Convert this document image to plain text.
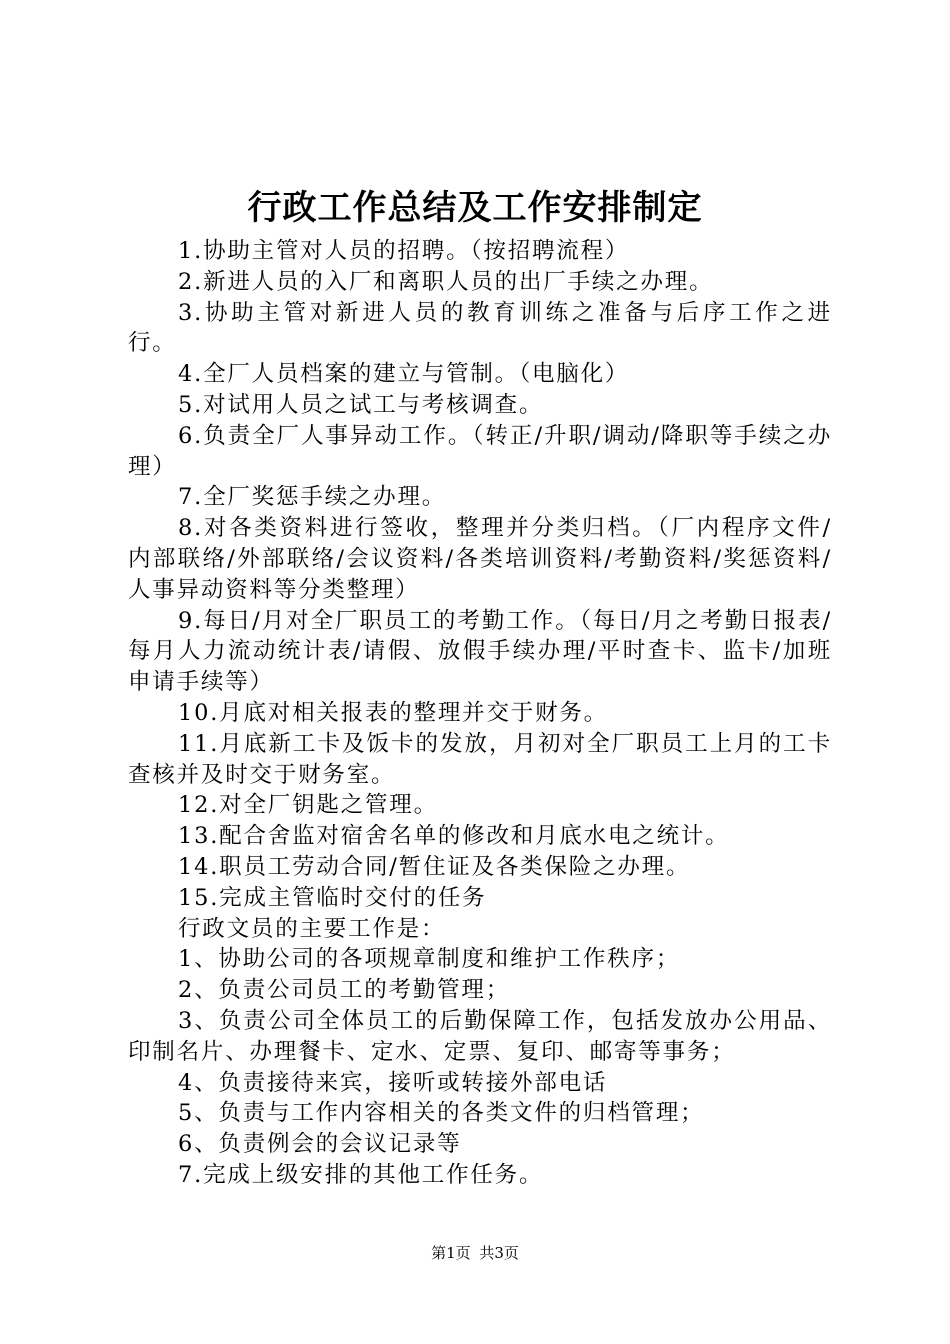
行政工作总结及工作安排制定

1.协助主管对人员的招聘。（按招聘流程）

2.新进人员的入厂和离职人员的出厂手续之办理。

3.协助主管对新进人员的教育训练之准备与后序工作之进行。

4.全厂人员档案的建立与管制。（电脑化）

5.对试用人员之试工与考核调查。

6.负责全厂人事异动工作。（转正/升职/调动/降职等手续之办理）

7.全厂奖惩手续之办理。

8.对各类资料进行签收，整理并分类归档。（厂内程序文件/内部联络/外部联络/会议资料/各类培训资料/考勤资料/奖惩资料/人事异动资料等分类整理）

9.每日/月对全厂职员工的考勤工作。（每日/月之考勤日报表/每月人力流动统计表/请假、放假手续办理/平时查卡、监卡/加班申请手续等）

10.月底对相关报表的整理并交于财务。

11.月底新工卡及饭卡的发放，月初对全厂职员工上月的工卡查核并及时交于财务室。

12.对全厂钥匙之管理。

13.配合舍监对宿舍名单的修改和月底水电之统计。

14.职员工劳动合同/暂住证及各类保险之办理。

15.完成主管临时交付的任务

行政文员的主要工作是：

1、协助公司的各项规章制度和维护工作秩序；

2、负责公司员工的考勤管理；

3、负责公司全体员工的后勤保障工作，包括发放办公用品、印制名片、办理餐卡、定水、定票、复印、邮寄等事务；

4、负责接待来宾，接听或转接外部电话

5、负责与工作内容相关的各类文件的归档管理；

6、负责例会的会议记录等

7.完成上级安排的其他工作任务。

第1页 共3页
